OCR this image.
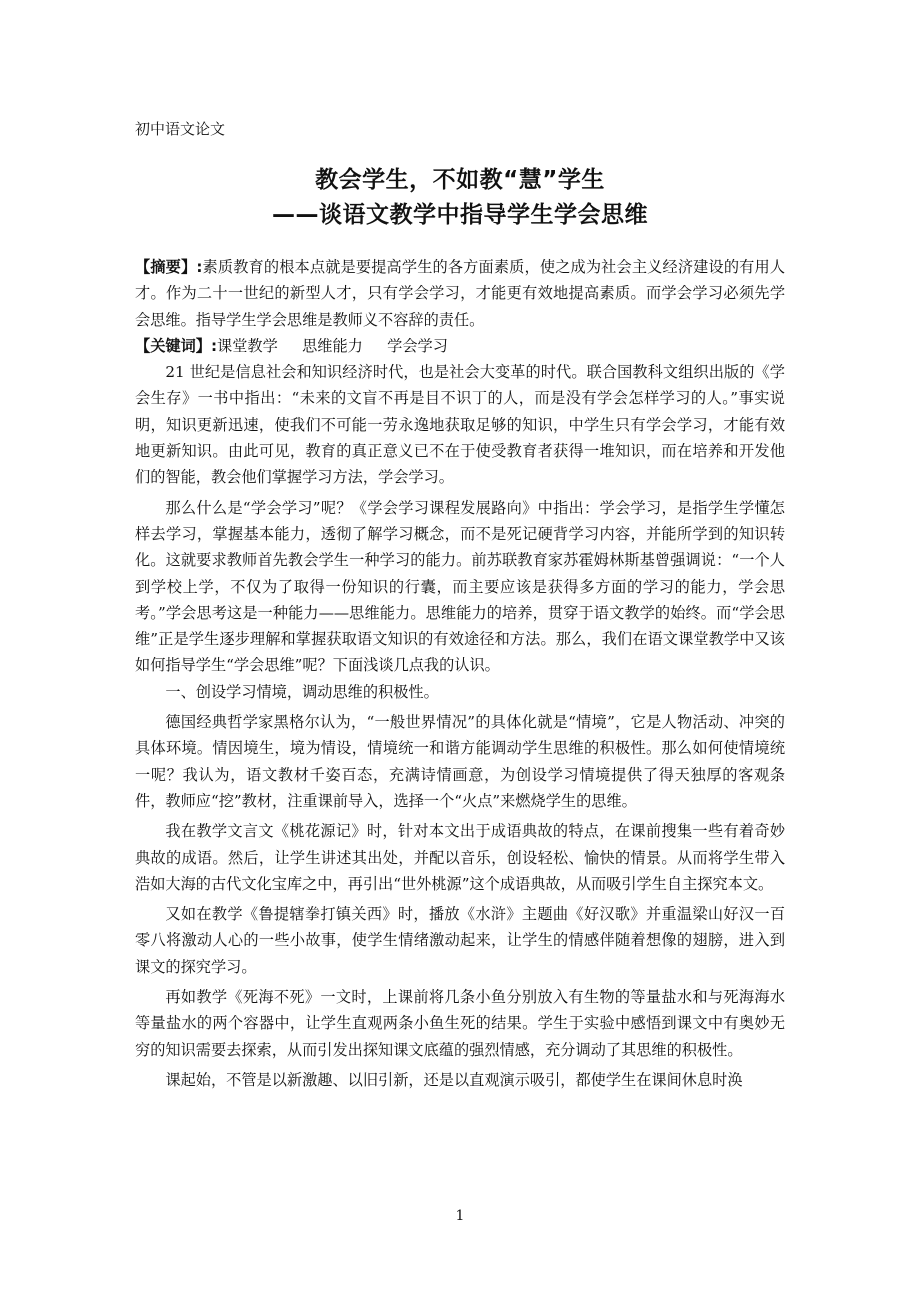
初中语文论文
教会学生，不如教“慧”学生
——谈语文教学中指导学生学会思维

【摘要】:素质教育的根本点就是要提高学生的各方面素质，使之成为社会主义经济建设的有用人才。作为二十一世纪的新型人才，只有学会学习，才能更有效地提高素质。而学会学习必须先学会思维。指导学生学会思维是教师义不容辞的责任。

【关键词】:课堂教学 思维能力 学会学习

21 世纪是信息社会和知识经济时代，也是社会大变革的时代。联合国教科文组织出版的《学会生存》一书中指出：“未来的文盲不再是目不识丁的人，而是没有学会怎样学习的人。”事实说明，知识更新迅速，使我们不可能一劳永逸地获取足够的知识，中学生只有学会学习，才能有效地更新知识。由此可见，教育的真正意义已不在于使受教育者获得一堆知识，而在培养和开发他们的智能，教会他们掌握学习方法，学会学习。

那么什么是“学会学习”呢？《学会学习课程发展路向》中指出：学会学习，是指学生学懂怎样去学习，掌握基本能力，透彻了解学习概念，而不是死记硬背学习内容，并能所学到的知识转化。这就要求教师首先教会学生一种学习的能力。前苏联教育家苏霍姆林斯基曾强调说：“一个人到学校上学，不仅为了取得一份知识的行囊，而主要应该是获得多方面的学习的能力，学会思考。”学会思考这是一种能力——思维能力。思维能力的培养，贯穿于语文教学的始终。而“学会思维”正是学生逐步理解和掌握获取语文知识的有效途径和方法。那么，我们在语文课堂教学中又该如何指导学生“学会思维”呢？下面浅谈几点我的认识。

一、创设学习情境，调动思维的积极性。

德国经典哲学家黑格尔认为，“一般世界情况”的具体化就是“情境”，它是人物活动、冲突的具体环境。情因境生，境为情设，情境统一和谐方能调动学生思维的积极性。那么如何使情境统一呢？我认为，语文教材千姿百态，充满诗情画意，为创设学习情境提供了得天独厚的客观条件，教师应“挖”教材，注重课前导入，选择一个“火点”来燃烧学生的思维。

我在教学文言文《桃花源记》时，针对本文出于成语典故的特点，在课前搜集一些有着奇妙典故的成语。然后，让学生讲述其出处，并配以音乐，创设轻松、愉快的情景。从而将学生带入浩如大海的古代文化宝库之中，再引出“世外桃源”这个成语典故，从而吸引学生自主探究本文。

又如在教学《鲁提辖拳打镇关西》时，播放《水浒》主题曲《好汉歌》并重温梁山好汉一百零八将激动人心的一些小故事，使学生情绪激动起来，让学生的情感伴随着想像的翅膀，进入到课文的探究学习。

再如教学《死海不死》一文时，上课前将几条小鱼分别放入有生物的等量盐水和与死海海水等量盐水的两个容器中，让学生直观两条小鱼生死的结果。学生于实验中感悟到课文中有奥妙无穷的知识需要去探索，从而引发出探知课文底蕴的强烈情感，充分调动了其思维的积极性。

课起始，不管是以新激趣、以旧引新，还是以直观演示吸引，都使学生在课间休息时涣

1
